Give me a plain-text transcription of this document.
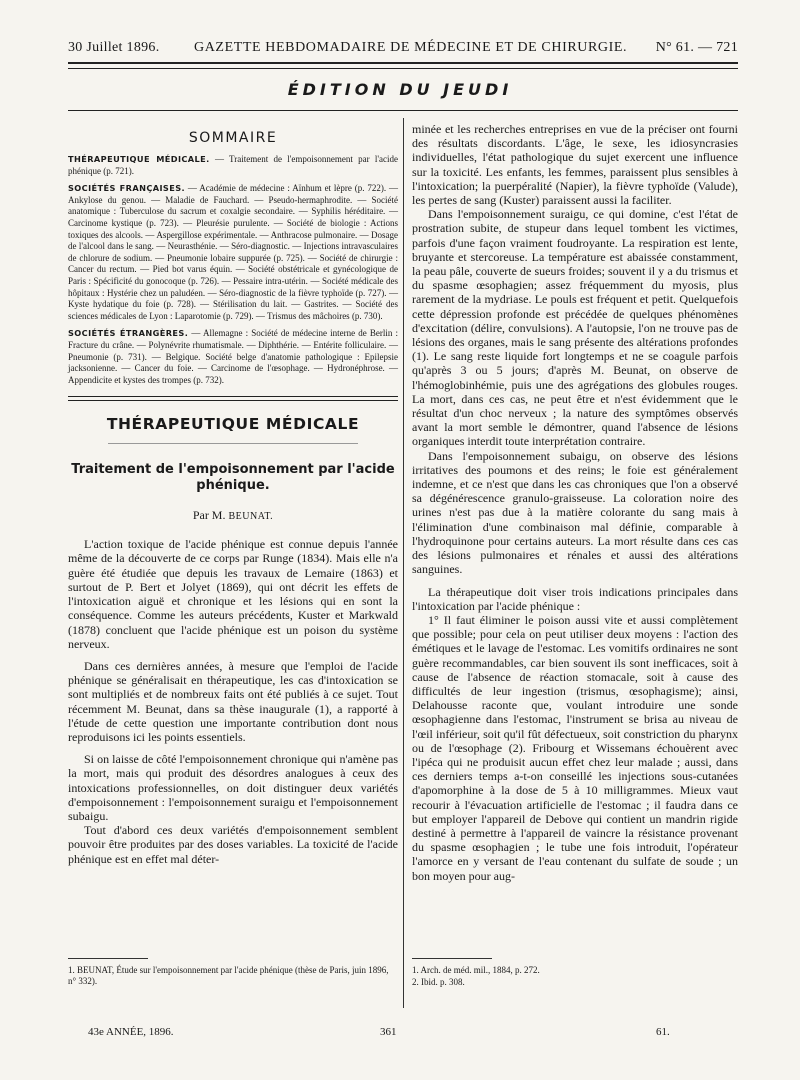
30 Juillet 1896. GAZETTE HEBDOMADAIRE DE MÉDECINE ET DE CHIRURGIE. N° 61. — 721
ÉDITION DU JEUDI
SOMMAIRE

THÉRAPEUTIQUE MÉDICALE. — Traitement de l'empoisonnement par l'acide phénique (p. 721).

SOCIÉTÉS FRANÇAISES. — Académie de médecine : Aïnhum et lèpre (p. 722). — Ankylose du genou. — Maladie de Fauchard. — Pseudo-hermaphrodite. — Société anatomique : Tuberculose du sacrum et coxalgie secondaire. — Syphilis héréditaire. — Carcinome kystique (p. 723). — Pleurésie purulente. — Société de biologie : Actions toxiques des alcools. — Aspergillose expérimentale. — Anthracose pulmonaire. — Dosage de l'alcool dans le sang. — Neurasthénie. — Séro-diagnostic. — Injections intravasculaires de chlorure de sodium. — Pneumonie lobaire suppurée (p. 725). — Société de chirurgie : Cancer du rectum. — Pied bot varus équin. — Société obstétricale et gynécologique de Paris : Spécificité du gonocoque (p. 726). — Pessaire intra-utérin. — Société médicale des hôpitaux : Hystérie chez un paludéen. — Séro-diagnostic de la fièvre typhoïde (p. 727). — Kyste hydatique du foie (p. 728). — Stérilisation du lait. — Gastrites. — Société des sciences médicales de Lyon : Laparotomie (p. 729). — Trismus des mâchoires (p. 730).

SOCIÉTÉS ÉTRANGÈRES. — Allemagne : Société de médecine interne de Berlin : Fracture du crâne. — Polynévrite rhumatismale. — Diphthérie. — Entérite folliculaire. — Pneumonie (p. 731). — Belgique. Société belge d'anatomie pathologique : Epilepsie jacksonienne. — Cancer du foie. — Carcinome de l'œsophage. — Hydronéphrose. — Appendicite et kystes des trompes (p. 732).

THÉRAPEUTIQUE MÉDICALE
Traitement de l'empoisonnement par l'acide phénique.
Par M. BEUNAT.

L'action toxique de l'acide phénique est connue depuis l'année même de la découverte de ce corps par Runge (1834). Mais elle n'a guère été étudiée que depuis les travaux de Lemaire (1863) et surtout de P. Bert et Jolyet (1869), qui ont décrit les effets de l'intoxication aiguë et chronique et les lésions qui en sont la conséquence. Comme les auteurs précédents, Kuster et Markwald (1878) concluent que l'acide phénique est un poison du système nerveux.

Dans ces dernières années, à mesure que l'emploi de l'acide phénique se généralisait en thérapeutique, les cas d'intoxication se sont multipliés et de nombreux faits ont été publiés à ce sujet. Tout récemment M. Beunat, dans sa thèse inaugurale (1), a rapporté à l'étude de cette question une importante contribution dont nous reproduisons ici les points essentiels.

Si on laisse de côté l'empoisonnement chronique qui n'amène pas la mort, mais qui produit des désordres analogues à ceux des intoxications professionnelles, on doit distinguer deux variétés d'empoisonnement : l'empoisonnement suraigu et l'empoisonnement subaigu.

Tout d'abord ces deux variétés d'empoisonnement semblent pouvoir être produites par des doses variables. La toxicité de l'acide phénique est en effet mal déter-

minée et les recherches entreprises en vue de la préciser ont fourni des résultats discordants. L'âge, le sexe, les idiosyncrasies individuelles, l'état pathologique du sujet exercent une influence sur la toxicité. Les enfants, les femmes, paraissent plus sensibles à l'intoxication; la puerpéralité (Napier), la fièvre typhoïde (Valude), les pertes de sang (Kuster) paraissent aussi la faciliter.

Dans l'empoisonnement suraigu, ce qui domine, c'est l'état de prostration subite, de stupeur dans lequel tombent les victimes, parfois d'une façon vraiment foudroyante. La respiration est lente, bruyante et stercoreuse. La température est abaissée constamment, la peau pâle, couverte de sueurs froides; souvent il y a du trismus et du spasme œsophagien; assez fréquemment du myosis, plus rarement de la mydriase. Le pouls est fréquent et petit. Quelquefois cette dépression profonde est précédée de quelques phénomènes d'excitation (délire, convulsions). A l'autopsie, l'on ne trouve pas de lésions des organes, mais le sang présente des altérations profondes (1). Le sang reste liquide fort longtemps et ne se coagule parfois qu'après 3 ou 5 jours; d'après M. Beunat, on observe de l'hémoglobinhémie, puis une des agrégations des globules rouges. La mort, dans ces cas, ne peut être et n'est évidemment que le résultat d'un choc nerveux ; la nature des symptômes observés avant la mort semble le démontrer, quand l'absence de lésions organiques interdit toute interprétation contraire.

Dans l'empoisonnement subaigu, on observe des lésions irritatives des poumons et des reins; le foie est généralement indemne, et ce n'est que dans les cas chroniques que l'on a observé sa dégénérescence granulo-graisseuse. La coloration noire des urines n'est pas due à la matière colorante du sang mais à l'élimination d'une combinaison mal définie, comparable à l'hydroquinone pour certains auteurs. La mort résulte dans ces cas des lésions pulmonaires et rénales et aussi des altérations sanguines.

La thérapeutique doit viser trois indications principales dans l'intoxication par l'acide phénique :

1° Il faut éliminer le poison aussi vite et aussi complètement que possible; pour cela on peut utiliser deux moyens : l'action des émétiques et le lavage de l'estomac. Les vomitifs ordinaires ne sont guère recommandables, car bien souvent ils sont inefficaces, soit à cause de l'absence de réaction stomacale, soit à cause des difficultés de leur ingestion (trismus, œsophagisme); ainsi, Delahousse raconte que, voulant introduire une sonde œsophagienne dans l'estomac, l'instrument se brisa au niveau de l'œil inférieur, soit qu'il fût défectueux, soit constriction du pharynx ou de l'œsophage (2). Fribourg et Wissemans échouèrent avec l'ipéca qui ne produisit aucun effet chez leur malade ; aussi, dans ces derniers temps a-t-on conseillé les injections sous-cutanées d'apomorphine à la dose de 5 à 10 milligrammes. Mieux vaut recourir à l'évacuation artificielle de l'estomac ; il faudra dans ce but employer l'appareil de Debove qui contient un mandrin rigide destiné à permettre à l'appareil de vaincre la résistance provenant du spasme œsophagien ; le tube une fois introduit, l'opérateur l'amorce en y versant de l'eau contenant du sulfate de soude ; un bon moyen pour aug-

1. BEUNAT, Étude sur l'empoisonnement par l'acide phénique (thèse de Paris, juin 1896, n° 332).
1. Arch. de méd. mil., 1884, p. 272.
2. Ibid. p. 308.
43e ANNÉE, 1896.	361	61.
